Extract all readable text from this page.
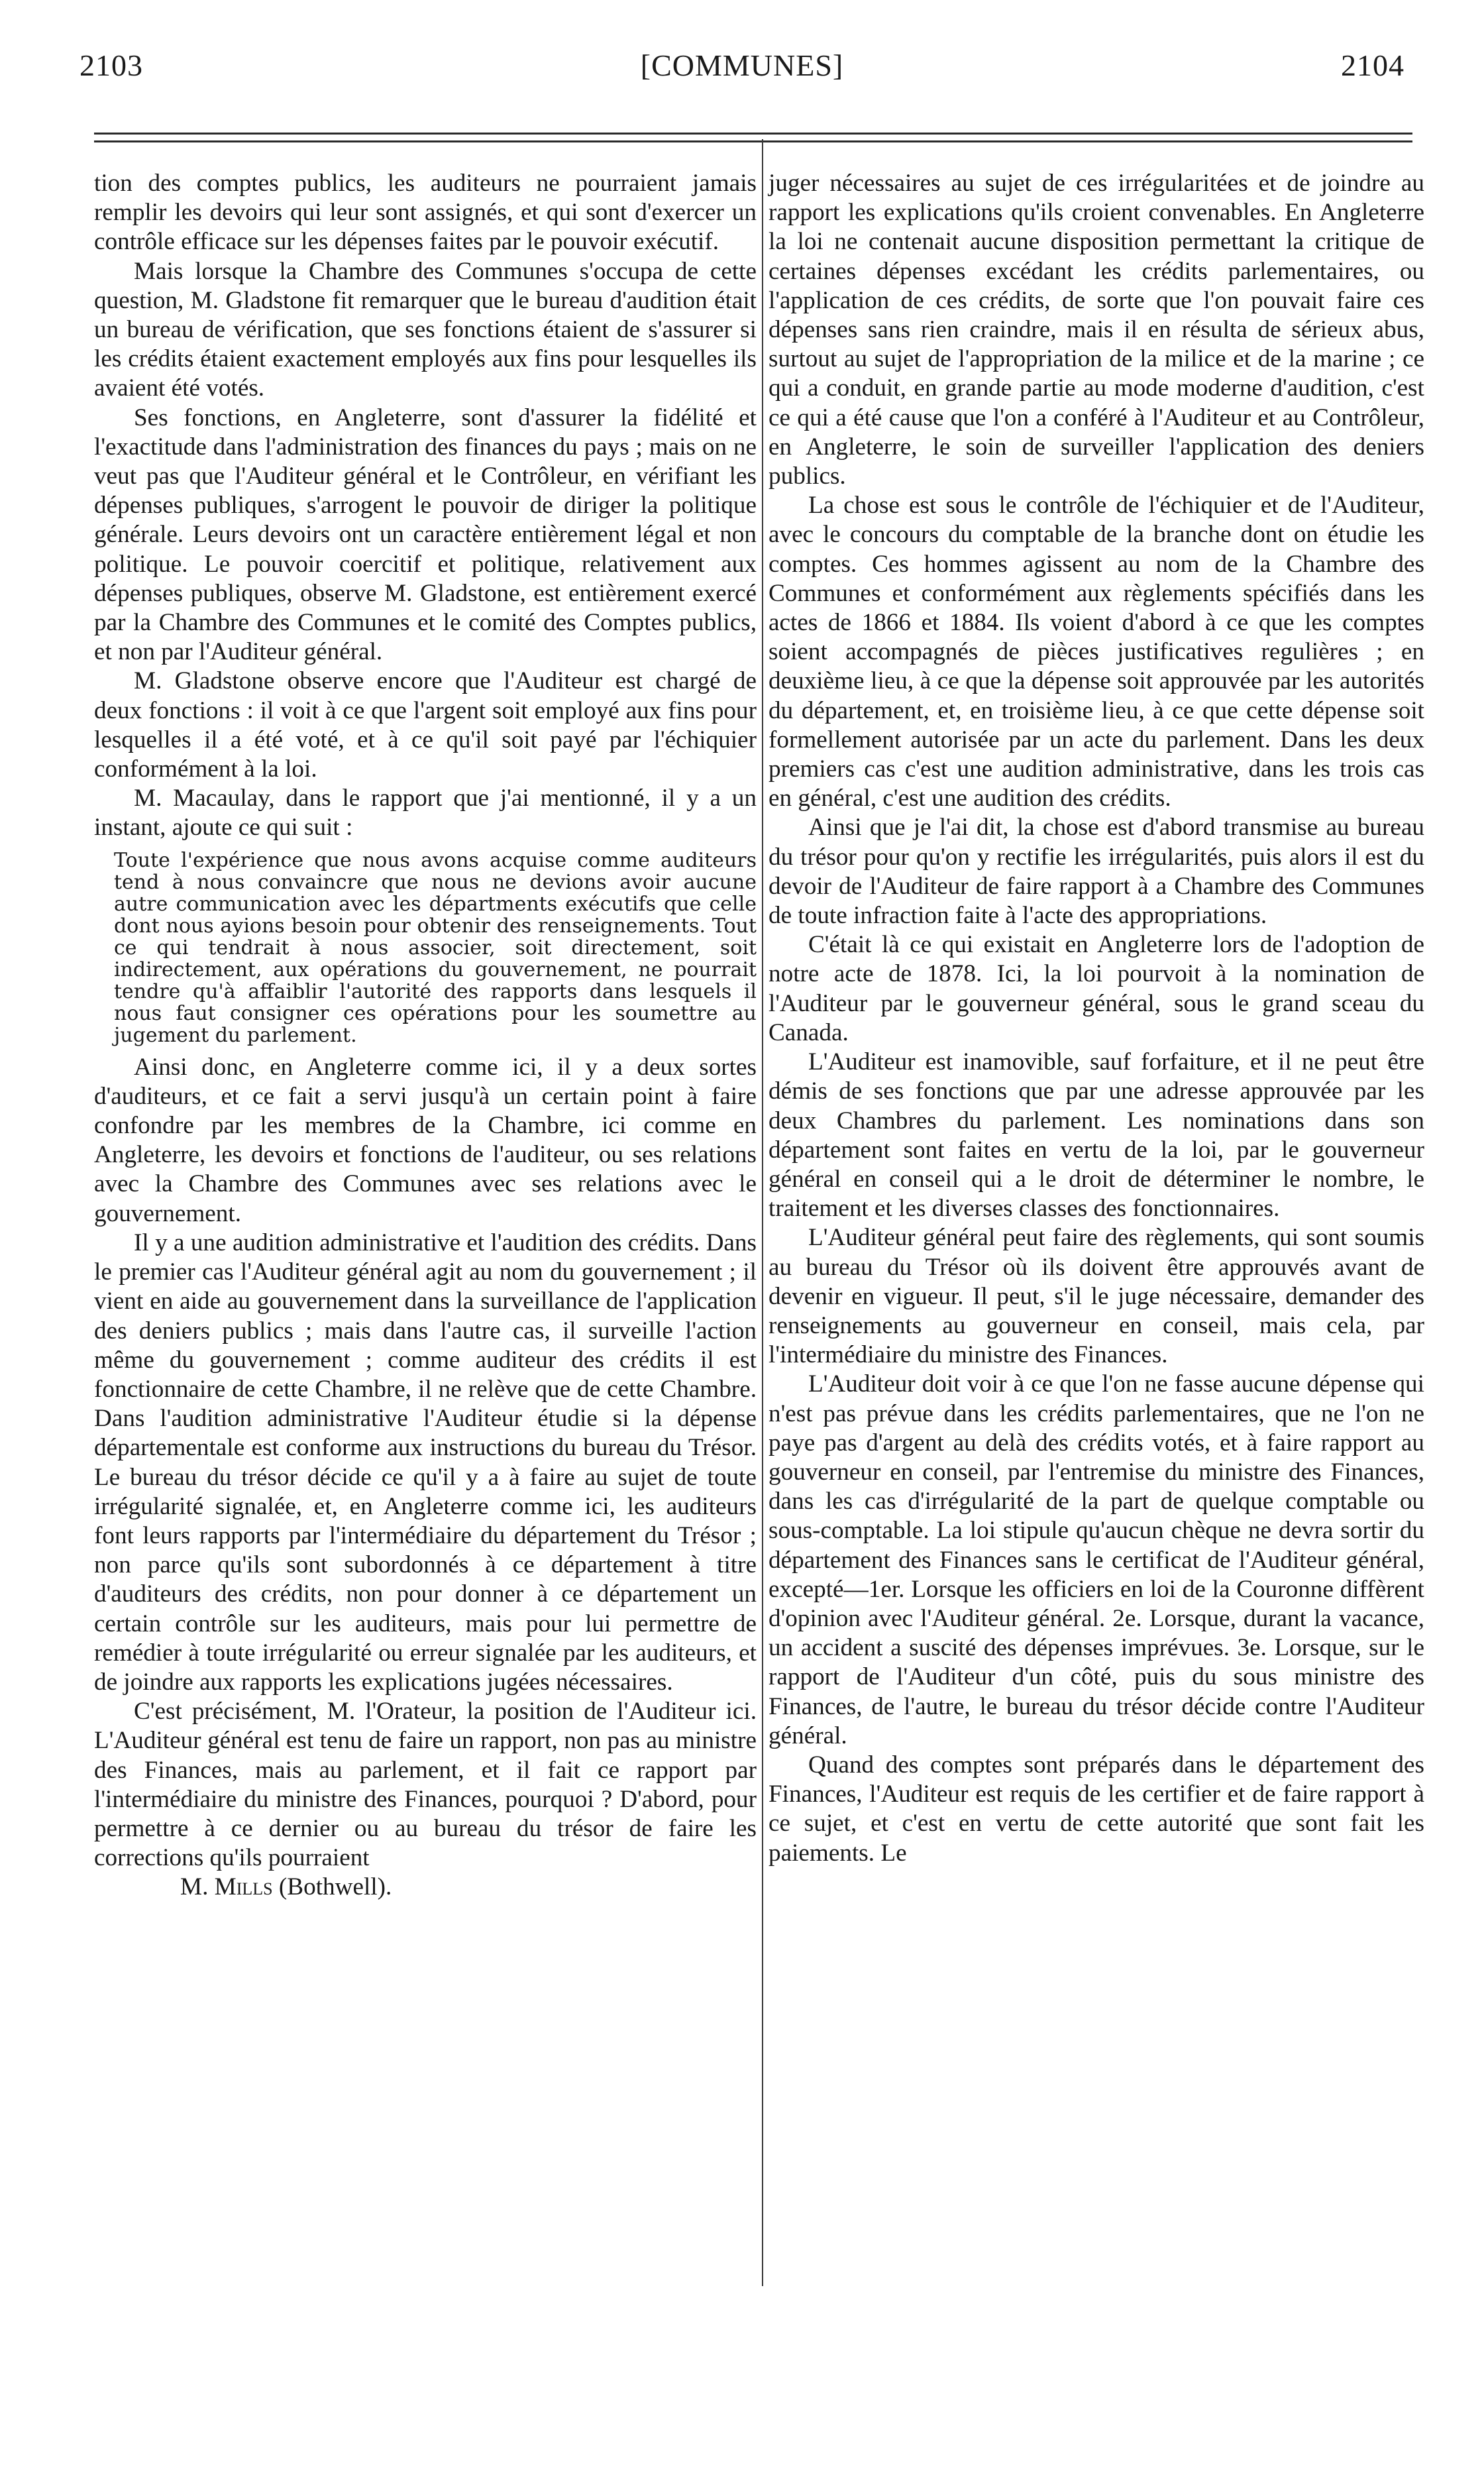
2103	[COMMUNES]	2104

tion des comptes publics, les auditeurs ne pourraient jamais remplir les devoirs qui leur sont assignés, et qui sont d'exercer un contrôle efficace sur les dépenses faites par le pouvoir exécutif.

Mais lorsque la Chambre des Communes s'occupa de cette question, M. Gladstone fit remarquer que le bureau d'audition était un bureau de vérification, que ses fonctions étaient de s'assurer si les crédits étaient exactement employés aux fins pour lesquelles ils avaient été votés.

Ses fonctions, en Angleterre, sont d'assurer la fidélité et l'exactitude dans l'administration des finances du pays ; mais on ne veut pas que l'Auditeur général et le Contrôleur, en vérifiant les dépenses publiques, s'arrogent le pouvoir de diriger la politique générale. Leurs devoirs ont un caractère entièrement légal et non politique. Le pouvoir coercitif et politique, relativement aux dépenses publiques, observe M. Gladstone, est entièrement exercé par la Chambre des Communes et le comité des Comptes publics, et non par l'Auditeur général.

M. Gladstone observe encore que l'Auditeur est chargé de deux fonctions : il voit à ce que l'argent soit employé aux fins pour lesquelles il a été voté, et à ce qu'il soit payé par l'échiquier conformément à la loi.

M. Macaulay, dans le rapport que j'ai mentionné, il y a un instant, ajoute ce qui suit :

Toute l'expérience que nous avons acquise comme auditeurs tend à nous convaincre que nous ne devions avoir aucune autre communication avec les départments exécutifs que celle dont nous ayions besoin pour obtenir des renseignements. Tout ce qui tendrait à nous associer, soit directement, soit indirectement, aux opérations du gouvernement, ne pourrait tendre qu'à affaiblir l'autorité des rapports dans lesquels il nous faut consigner ces opérations pour les soumettre au jugement du parlement.

Ainsi donc, en Angleterre comme ici, il y a deux sortes d'auditeurs, et ce fait a servi jusqu'à un certain point à faire confondre par les membres de la Chambre, ici comme en Angleterre, les devoirs et fonctions de l'auditeur, ou ses relations avec la Chambre des Communes avec ses relations avec le gouvernement.

Il y a une audition administrative et l'audition des crédits. Dans le premier cas l'Auditeur général agit au nom du gouvernement ; il vient en aide au gouvernement dans la surveillance de l'application des deniers publics ; mais dans l'autre cas, il surveille l'action même du gouvernement ; comme auditeur des crédits il est fonctionnaire de cette Chambre, il ne relève que de cette Chambre. Dans l'audition administrative l'Auditeur étudie si la dépense départementale est conforme aux instructions du bureau du Trésor. Le bureau du trésor décide ce qu'il y a à faire au sujet de toute irrégularité signalée, et, en Angleterre comme ici, les auditeurs font leurs rapports par l'intermédiaire du département du Trésor ; non parce qu'ils sont subordonnés à ce département à titre d'auditeurs des crédits, non pour donner à ce département un certain contrôle sur les auditeurs, mais pour lui permettre de remédier à toute irrégularité ou erreur signalée par les auditeurs, et de joindre aux rapports les explications jugées nécessaires.

C'est précisément, M. l'Orateur, la position de l'Auditeur ici. L'Auditeur général est tenu de faire un rapport, non pas au ministre des Finances, mais au parlement, et il fait ce rapport par l'intermédiaire du ministre des Finances, pourquoi ? D'abord, pour permettre à ce dernier ou au bureau du trésor de faire les corrections qu'ils pourraient

M. Mills (Bothwell).

juger nécessaires au sujet de ces irrégularitées et de joindre au rapport les explications qu'ils croient convenables. En Angleterre la loi ne contenait aucune disposition permettant la critique de certaines dépenses excédant les crédits parlementaires, ou l'application de ces crédits, de sorte que l'on pouvait faire ces dépenses sans rien craindre, mais il en résulta de sérieux abus, surtout au sujet de l'appropriation de la milice et de la marine ; ce qui a conduit, en grande partie au mode moderne d'audition, c'est ce qui a été cause que l'on a conféré à l'Auditeur et au Contrôleur, en Angleterre, le soin de surveiller l'application des deniers publics.

La chose est sous le contrôle de l'échiquier et de l'Auditeur, avec le concours du comptable de la branche dont on étudie les comptes. Ces hommes agissent au nom de la Chambre des Communes et conformément aux règlements spécifiés dans les actes de 1866 et 1884. Ils voient d'abord à ce que les comptes soient accompagnés de pièces justificatives regulières ; en deuxième lieu, à ce que la dépense soit approuvée par les autorités du département, et, en troisième lieu, à ce que cette dépense soit formellement autorisée par un acte du parlement. Dans les deux premiers cas c'est une audition administrative, dans les trois cas en général, c'est une audition des crédits.

Ainsi que je l'ai dit, la chose est d'abord transmise au bureau du trésor pour qu'on y rectifie les irrégularités, puis alors il est du devoir de l'Auditeur de faire rapport à a Chambre des Communes de toute infraction faite à l'acte des appropriations.

C'était là ce qui existait en Angleterre lors de l'adoption de notre acte de 1878. Ici, la loi pourvoit à la nomination de l'Auditeur par le gouverneur général, sous le grand sceau du Canada.

L'Auditeur est inamovible, sauf forfaiture, et il ne peut être démis de ses fonctions que par une adresse approuvée par les deux Chambres du parlement. Les nominations dans son département sont faites en vertu de la loi, par le gouverneur général en conseil qui a le droit de déterminer le nombre, le traitement et les diverses classes des fonctionnaires.

L'Auditeur général peut faire des règlements, qui sont soumis au bureau du Trésor où ils doivent être approuvés avant de devenir en vigueur. Il peut, s'il le juge nécessaire, demander des renseignements au gouverneur en conseil, mais cela, par l'intermédiaire du ministre des Finances.

L'Auditeur doit voir à ce que l'on ne fasse aucune dépense qui n'est pas prévue dans les crédits parlementaires, que ne l'on ne paye pas d'argent au delà des crédits votés, et à faire rapport au gouverneur en conseil, par l'entremise du ministre des Finances, dans les cas d'irrégularité de la part de quelque comptable ou sous-comptable. La loi stipule qu'aucun chèque ne devra sortir du département des Finances sans le certificat de l'Auditeur général, excepté—1er. Lorsque les officiers en loi de la Couronne diffèrent d'opinion avec l'Auditeur général. 2e. Lorsque, durant la vacance, un accident a suscité des dépenses imprévues. 3e. Lorsque, sur le rapport de l'Auditeur d'un côté, puis du sous ministre des Finances, de l'autre, le bureau du trésor décide contre l'Auditeur général.

Quand des comptes sont préparés dans le département des Finances, l'Auditeur est requis de les certifier et de faire rapport à ce sujet, et c'est en vertu de cette autorité que sont fait les paiements. Le
